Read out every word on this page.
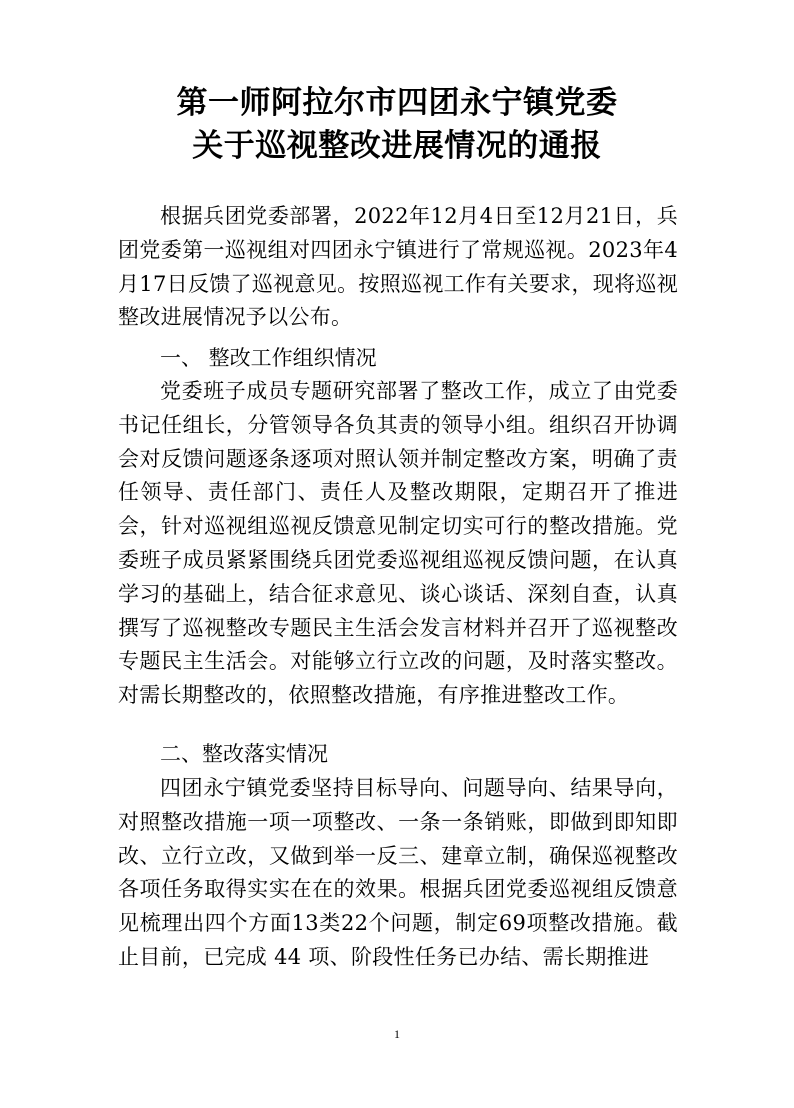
第一师阿拉尔市四团永宁镇党委
关于巡视整改进展情况的通报
根据兵团党委部署，2022年12月4日至12月21日，兵团党委第一巡视组对四团永宁镇进行了常规巡视。2023年4月17日反馈了巡视意见。按照巡视工作有关要求，现将巡视整改进展情况予以公布。
一、 整改工作组织情况
党委班子成员专题研究部署了整改工作，成立了由党委书记任组长，分管领导各负其责的领导小组。组织召开协调会对反馈问题逐条逐项对照认领并制定整改方案，明确了责任领导、责任部门、责任人及整改期限，定期召开了推进会，针对巡视组巡视反馈意见制定切实可行的整改措施。党委班子成员紧紧围绕兵团党委巡视组巡视反馈问题，在认真学习的基础上，结合征求意见、谈心谈话、深刻自查，认真撰写了巡视整改专题民主生活会发言材料并召开了巡视整改专题民主生活会。对能够立行立改的问题，及时落实整改。对需长期整改的，依照整改措施，有序推进整改工作。
二、整改落实情况
四团永宁镇党委坚持目标导向、问题导向、结果导向，对照整改措施一项一项整改、一条一条销账，即做到即知即改、立行立改，又做到举一反三、建章立制，确保巡视整改各项任务取得实实在在的效果。根据兵团党委巡视组反馈意见梳理出四个方面13类22个问题，制定69项整改措施。截止目前，已完成 44 项、阶段性任务已办结、需长期推进
1
